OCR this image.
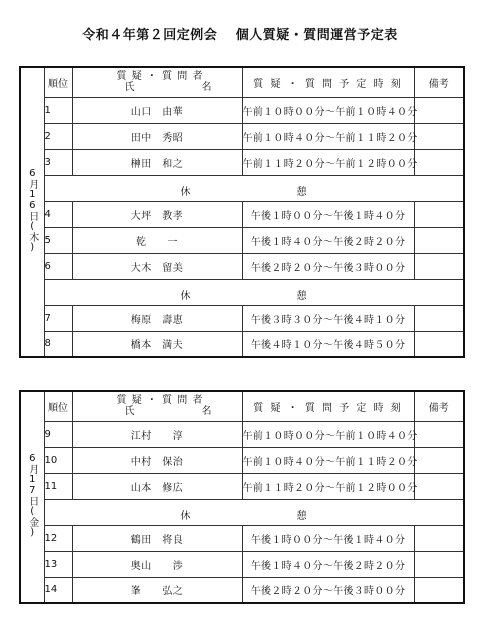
令和４年第２回定例会　 個人質疑・質問運営予定表
6月16日(木)	順位	質 疑 ・ 質 問 者
氏 名	質 疑 ・ 質 問 予 定 時 刻	備考
	1	山口　由華	午前１０時００分～午前１０時４０分	
	2	田中　秀昭	午前１０時４０分～午前１１時２０分	
	3	榊田　和之	午前１１時２０分～午前１２時００分	

	休 憩			

	4	大坪　教孝	午後１時００分～午後１時４０分	
	5	乾　　一	午後１時４０分～午後２時２０分	
	6	大木　留美	午後２時２０分～午後３時００分	

	休 憩			

	7	梅原　壽恵	午後３時３０分～午後４時１０分	
	8	橋本　満夫	午後４時１０分～午後４時５０分	
6月17日(金)	順位	質 疑 ・ 質 問 者
氏 名	質 疑 ・ 質 問 予 定 時 刻	備考
	9	江村　　淳	午前１０時００分～午前１０時４０分	
	10	中村　保治	午前１０時４０分～午前１１時２０分	
	11	山本　修広	午前１１時２０分～午前１２時００分	

	休 憩			

	12	鶴田　将良	午後１時００分～午後１時４０分	
	13	奥山　　渉	午後１時４０分～午後２時２０分	
	14	峯　　弘之	午後２時２０分～午後３時００分	
